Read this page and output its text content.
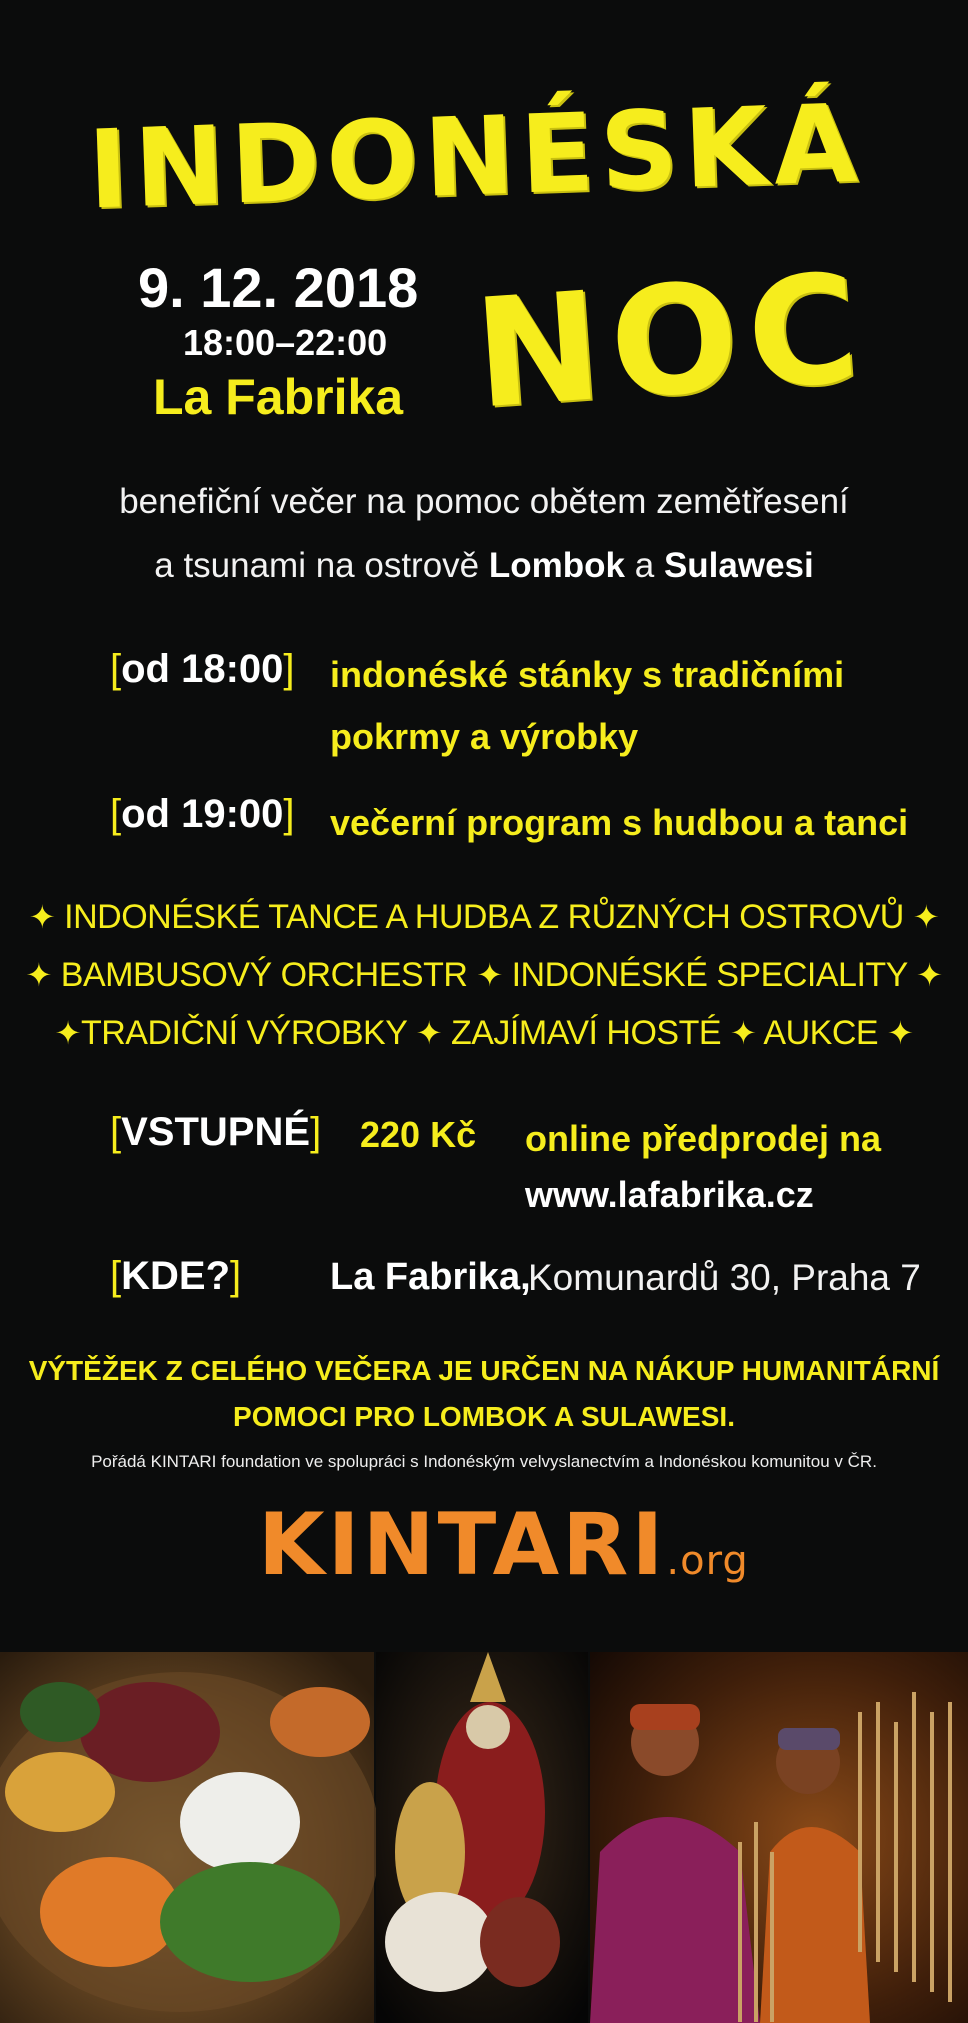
INDONÉSKÁ
NOC
9. 12. 2018
18:00–22:00
La Fabrika
benefiční večer na pomoc obětem zemětřesení
a tsunami na ostrově Lombok a Sulawesi
[od 18:00] indonéské stánky s tradičními
pokrmy a výrobky
[od 19:00] večerní program s hudbou a tanci
✦ INDONÉSKÉ TANCE A HUDBA Z RŮZNÝCH OSTROVŮ ✦
✦ BAMBUSOVÝ ORCHESTR ✦ INDONÉSKÉ SPECIALITY ✦
✦TRADIČNÍ VÝROBKY ✦ ZAJÍMAVÍ HOSTÉ ✦ AUKCE ✦
[VSTUPNÉ] 220 Kč online předprodej na
www.lafabrika.cz
[KDE?] La Fabrika,
Komunardů 30, Praha 7
VÝTĚŽEK Z CELÉHO VEČERA JE URČEN NA NÁKUP HUMANITÁRNÍ
POMOCI PRO LOMBOK A SULAWESI.
Pořádá KINTARI foundation ve spolupráci s Indonéským velvyslanectvím a Indonéskou komunitou v ČR.
KINTARI.org
